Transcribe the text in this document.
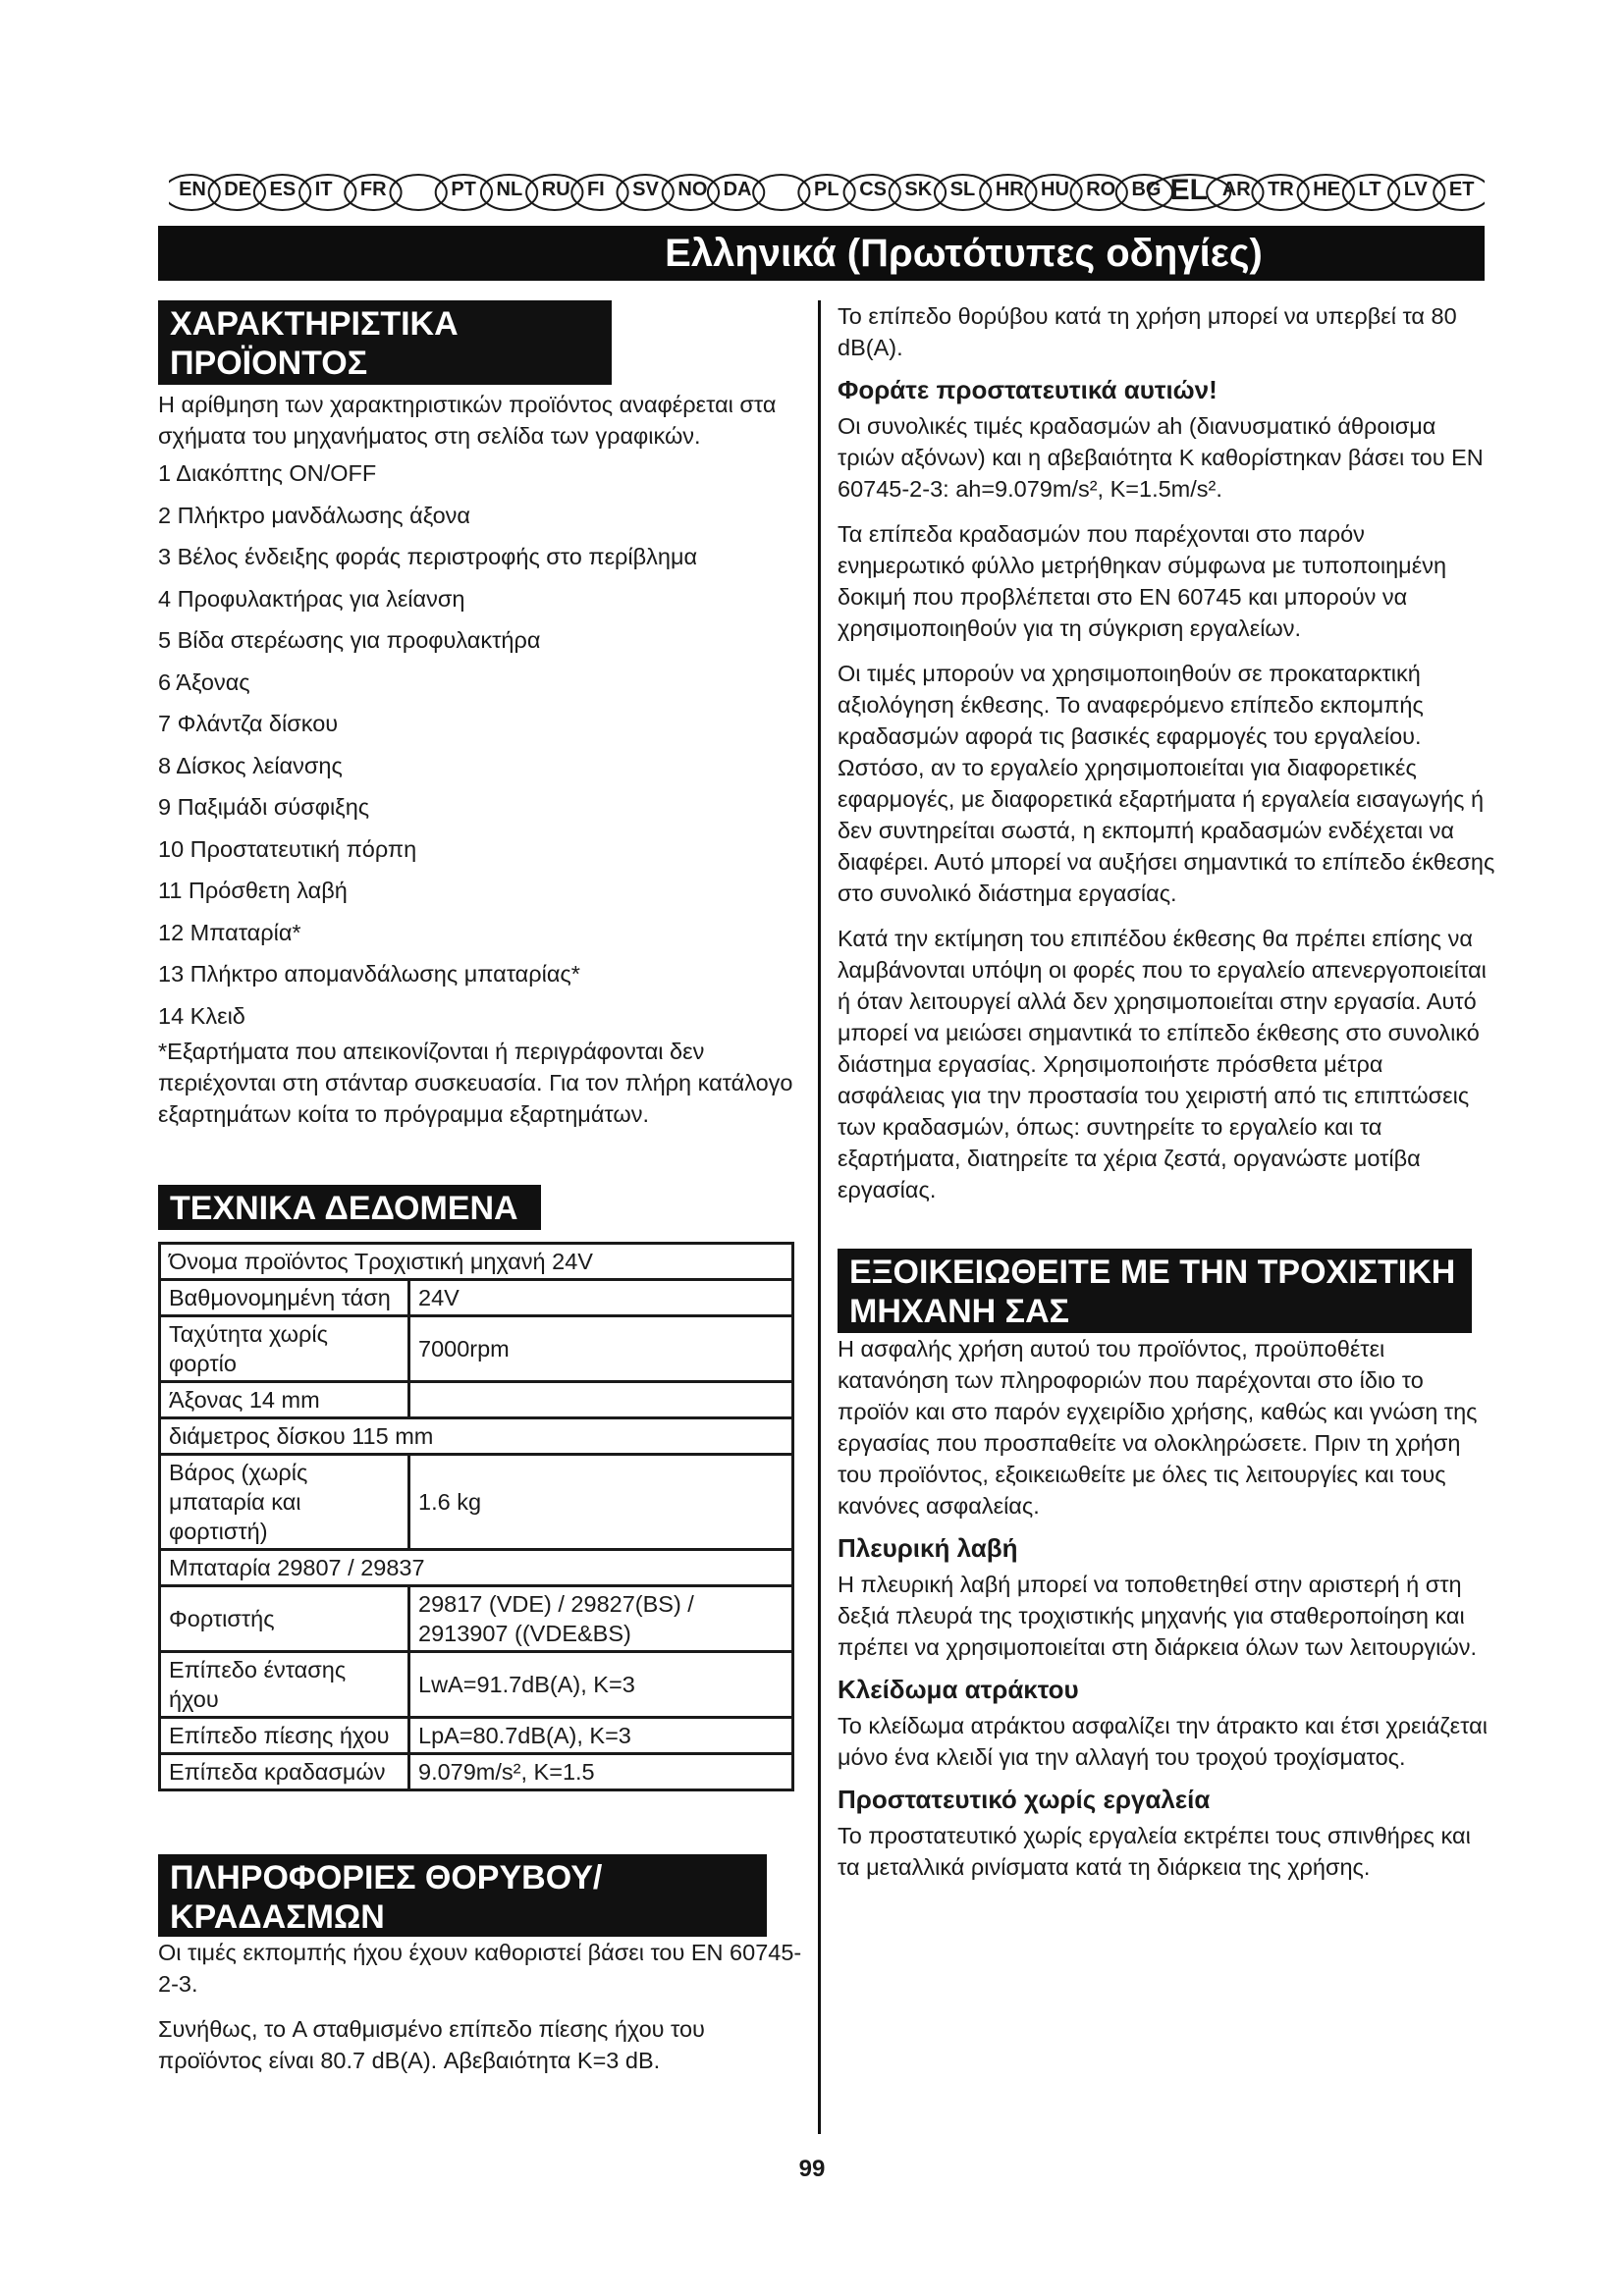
EN DE ES IT FR	PT NL RU FI SV NO DA	PL CS SK SL HR HU RO BG EL AR TR HE LT LV ET
Ελληνικά (Πρωτότυπες οδηγίες)
ΧΑΡΑΚΤΗΡΙΣΤΙΚΑ ΠΡΟΪΟΝΤΟΣ

Η αρίθμηση των χαρακτηριστικών προϊόντος αναφέρεται στα σχήματα του μηχανήματος στη σελίδα των γραφικών.

1 Διακόπτης ON/OFF
2 Πλήκτρο μανδάλωσης άξονα
3 Βέλος ένδειξης φοράς περιστροφής στο περίβλημα
4 Προφυλακτήρας για λείανση
5 Βίδα στερέωσης για προφυλακτήρα
6 Άξονας
7 Φλάντζα δίσκου
8 Δίσκος λείανσης
9 Παξιμάδι σύσφιξης
10 Προστατευτική πόρπη
11 Πρόσθετη λαβή
12 Μπαταρία*
13 Πλήκτρο απομανδάλωσης μπαταρίας*
14 Κλειδ

*Εξαρτήματα που απεικονίζονται ή περιγράφονται δεν περιέχονται στη στάνταρ συσκευασία. Για τον πλήρη κατάλογο εξαρτημάτων κοίτα το πρόγραμμα εξαρτημάτων.

ΤΕΧΝΙΚΑ ΔΕΔΟΜΕΝΑ
Όνομα προϊόντος Τροχιστική μηχανή 24V	
Βαθμονομημένη τάση	24V
Ταχύτητα χωρίς φορτίο	7000rpm
Άξονας 14 mm	
διάμετρος δίσκου 115 mm	
Βάρος (χωρίς μπαταρία και φορτιστή)	1.6 kg
Μπαταρία 29807 / 29837	
Φορτιστής	29817 (VDE) / 29827(BS) / 2913907 ((VDE&BS)
Επίπεδο έντασης ήχου	LwA=91.7dB(A), K=3
Επίπεδο πίεσης ήχου	LpA=80.7dB(A), K=3
Επίπεδα κραδασμών	9.079m/s², K=1.5
ΠΛΗΡΟΦΟΡΙΕΣ ΘΟΡΥΒΟΥ/
ΚΡΑΔΑΣΜΩΝ

Οι τιμές εκπομπής ήχου έχουν καθοριστεί βάσει του EN 60745-2-3.

Συνήθως, το A σταθμισμένο επίπεδο πίεσης ήχου του προϊόντος είναι 80.7 dB(A). Αβεβαιότητα K=3 dB.

Το επίπεδο θορύβου κατά τη χρήση μπορεί να υπερβεί τα 80 dB(A).

Φοράτε προστατευτικά αυτιών!

Οι συνολικές τιμές κραδασμών ah (διανυσματικό άθροισμα τριών αξόνων) και η αβεβαιότητα K καθορίστηκαν βάσει του EN 60745-2-3: ah=9.079m/s², K=1.5m/s².

Τα επίπεδα κραδασμών που παρέχονται στο παρόν ενημερωτικό φύλλο μετρήθηκαν σύμφωνα με τυποποιημένη δοκιμή που προβλέπεται στο EN 60745 και μπορούν να χρησιμοποιηθούν για τη σύγκριση εργαλείων.

Οι τιμές μπορούν να χρησιμοποιηθούν σε προκαταρκτική αξιολόγηση έκθεσης. Το αναφερόμενο επίπεδο εκπομπής κραδασμών αφορά τις βασικές εφαρμογές του εργαλείου. Ωστόσο, αν το εργαλείο χρησιμοποιείται για διαφορετικές εφαρμογές, με διαφορετικά εξαρτήματα ή εργαλεία εισαγωγής ή δεν συντηρείται σωστά, η εκπομπή κραδασμών ενδέχεται να διαφέρει. Αυτό μπορεί να αυξήσει σημαντικά το επίπεδο έκθεσης στο συνολικό διάστημα εργασίας.

Κατά την εκτίμηση του επιπέδου έκθεσης θα πρέπει επίσης να λαμβάνονται υπόψη οι φορές που το εργαλείο απενεργοποιείται ή όταν λειτουργεί αλλά δεν χρησιμοποιείται στην εργασία. Αυτό μπορεί να μειώσει σημαντικά το επίπεδο έκθεσης στο συνολικό διάστημα εργασίας. Χρησιμοποιήστε πρόσθετα μέτρα ασφάλειας για την προστασία του χειριστή από τις επιπτώσεις των κραδασμών, όπως: συντηρείτε το εργαλείο και τα εξαρτήματα, διατηρείτε τα χέρια ζεστά, οργανώστε μοτίβα εργασίας.

ΕΞΟΙΚΕΙΩΘΕΙΤΕ ΜΕ ΤΗΝ ΤΡΟΧΙΣΤΙΚΗ
ΜΗΧΑΝΗ ΣΑΣ

Η ασφαλής χρήση αυτού του προϊόντος, προϋποθέτει κατανόηση των πληροφοριών που παρέχονται στο ίδιο το προϊόν και στο παρόν εγχειρίδιο χρήσης, καθώς και γνώση της εργασίας που προσπαθείτε να ολοκληρώσετε. Πριν τη χρήση του προϊόντος, εξοικειωθείτε με όλες τις λειτουργίες και τους κανόνες ασφαλείας.

Πλευρική λαβή

Η πλευρική λαβή μπορεί να τοποθετηθεί στην αριστερή ή στη δεξιά πλευρά της τροχιστικής μηχανής για σταθεροποίηση και πρέπει να χρησιμοποιείται στη διάρκεια όλων των λειτουργιών.

Κλείδωμα ατράκτου

Το κλείδωμα ατράκτου ασφαλίζει την άτρακτο και έτσι χρειάζεται μόνο ένα κλειδί για την αλλαγή του τροχού τροχίσματος.

Προστατευτικό χωρίς εργαλεία

Το προστατευτικό χωρίς εργαλεία εκτρέπει τους σπινθήρες και τα μεταλλικά ρινίσματα κατά τη διάρκεια της χρήσης.

99
